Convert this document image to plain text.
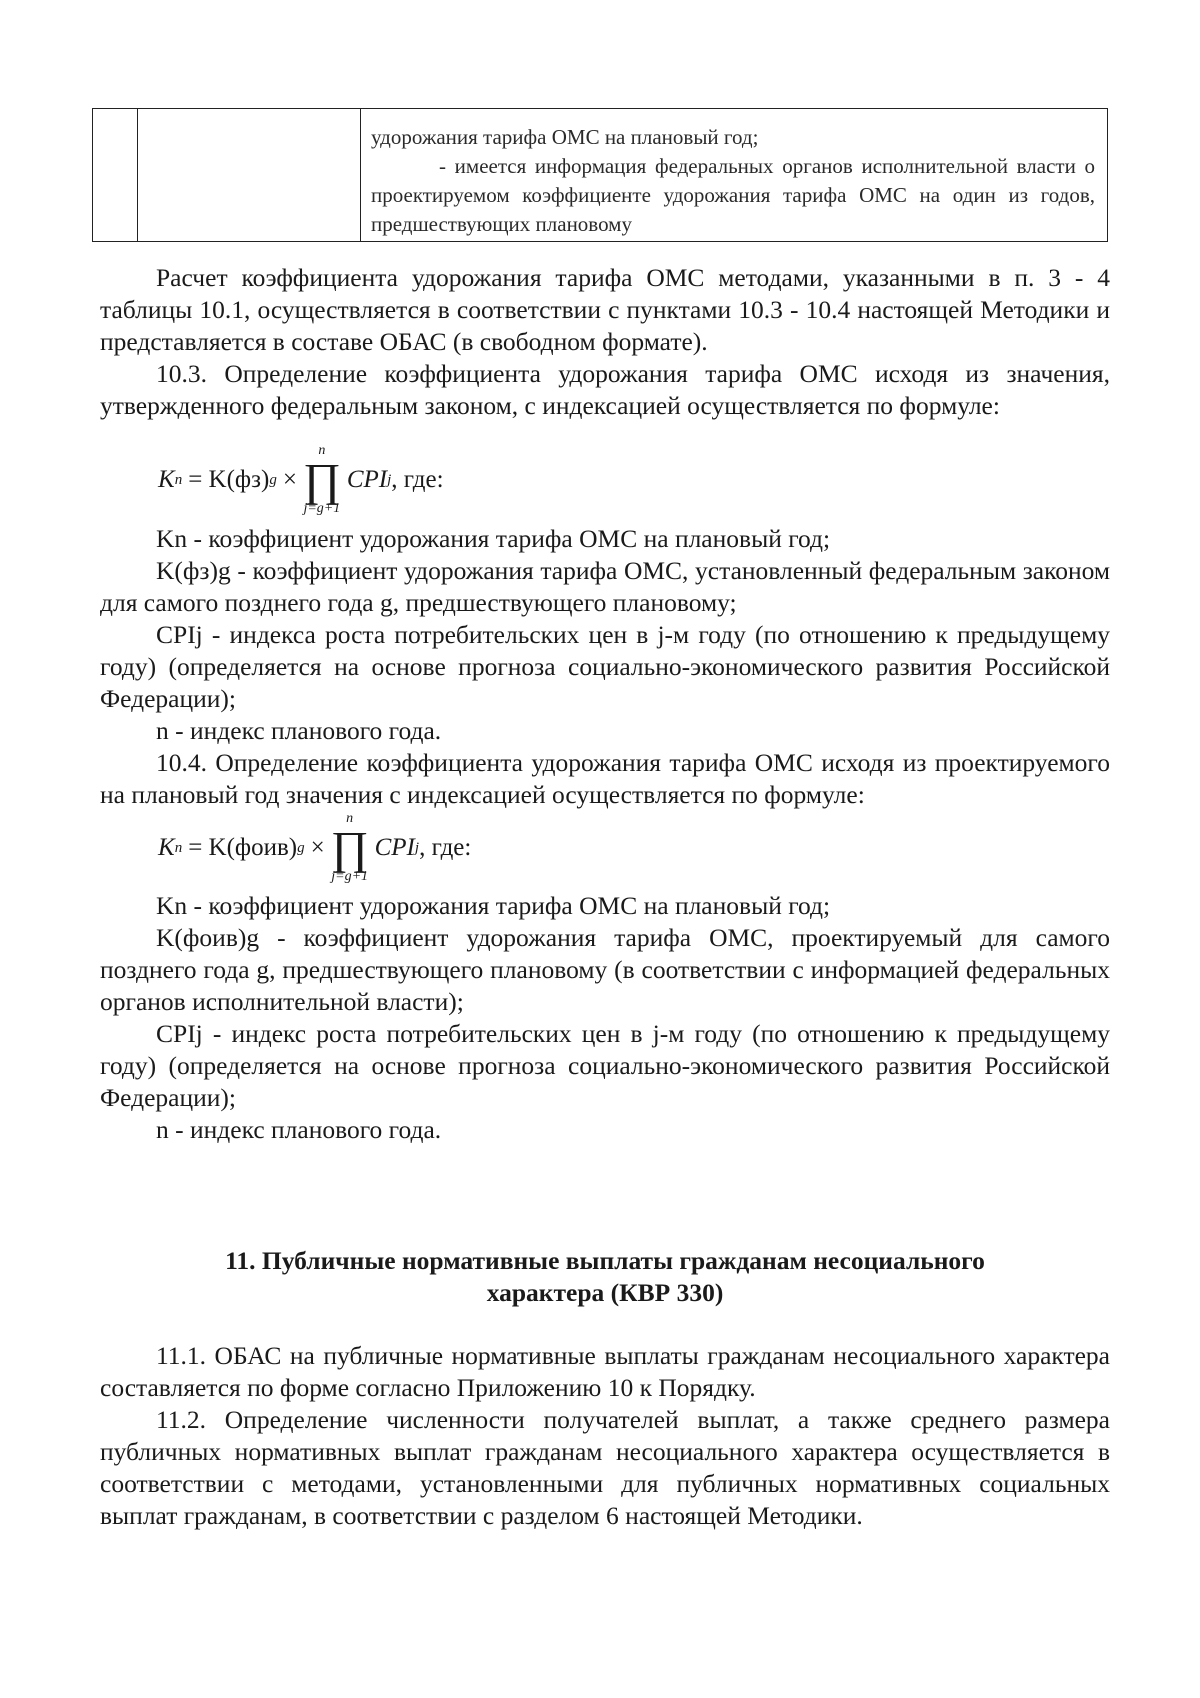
удорожания тарифа ОМС на плановый год;

- имеется информация федеральных органов исполнительной власти о проектируемом коэффициенте удорожания тарифа ОМС на один из годов, предшествующих плановому

Расчет коэффициента удорожания тарифа ОМС методами, указанными в п. 3 - 4 таблицы 10.1, осуществляется в соответствии с пунктами 10.3 - 10.4 настоящей Методики и представляется в составе ОБАС (в свободном формате).

10.3. Определение коэффициента удорожания тарифа ОМС исходя из значения, утвержденного федеральным законом, с индексацией осуществляется по формуле:

K n = K(фз) g ×
n
∏
j=g+1
CPI j , где:

Kn - коэффициент удорожания тарифа ОМС на плановый год;

K(фз)g - коэффициент удорожания тарифа ОМС, установленный федеральным законом для самого позднего года g, предшествующего плановому;

CPIj - индекса роста потребительских цен в j-м году (по отношению к предыдущему году) (определяется на основе прогноза социально-экономического развития Российской Федерации);

n - индекс планового года.

10.4. Определение коэффициента удорожания тарифа ОМС исходя из проектируемого на плановый год значения с индексацией осуществляется по формуле:

K n = K(фоив) g ×
n
∏
j=g+1
CPI j , где:

Kn - коэффициент удорожания тарифа ОМС на плановый год;

K(фоив)g - коэффициент удорожания тарифа ОМС, проектируемый для самого позднего года g, предшествующего плановому (в соответствии с информацией федеральных органов исполнительной власти);

CPIj - индекс роста потребительских цен в j-м году (по отношению к предыдущему году) (определяется на основе прогноза социально-экономического развития Российской Федерации);

n - индекс планового года.

11. Публичные нормативные выплаты гражданам несоциального
характера (КВР 330)

11.1. ОБАС на публичные нормативные выплаты гражданам несоциального характера составляется по форме согласно Приложению 10 к Порядку.

11.2. Определение численности получателей выплат, а также среднего размера публичных нормативных выплат гражданам несоциального характера осуществляется в соответствии с методами, установленными для публичных нормативных социальных выплат гражданам, в соответствии с разделом 6 настоящей Методики.
